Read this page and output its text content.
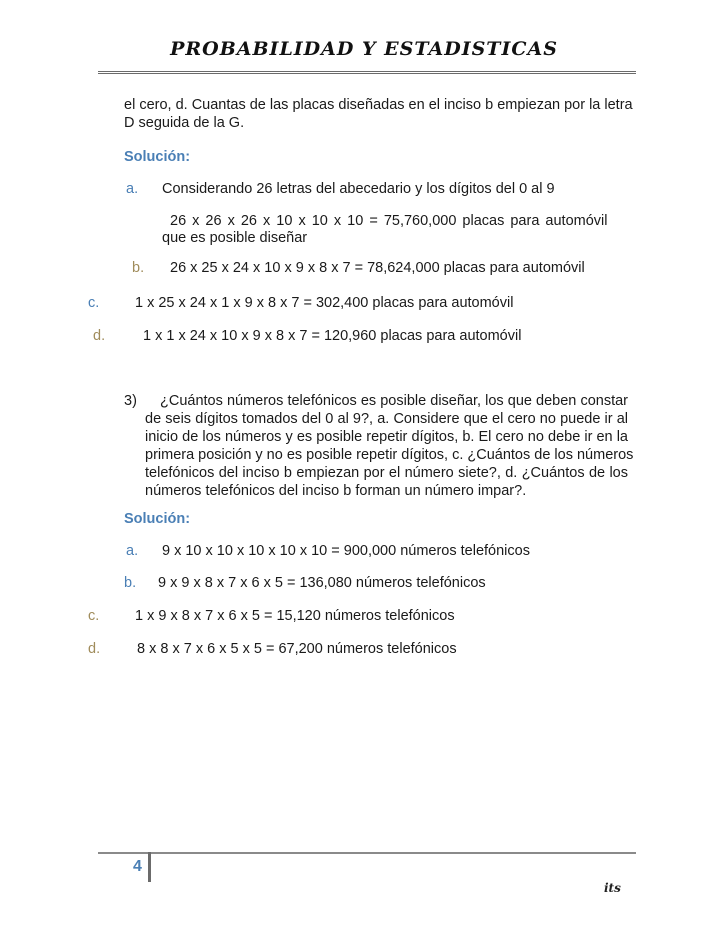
PROBABILIDAD Y ESTADISTICAS
el cero, d. Cuantas de las placas diseñadas en el inciso b empiezan por la letra
D seguida de la G.
Solución:
a. Considerando 26 letras del abecedario y los dígitos del 0 al 9
26 x 26 x 26 x 10 x 10 x 10 = 75,760,000 placas para automóvil
que es posible diseñar
b. 26 x 25 x 24 x 10 x 9 x 8 x 7 = 78,624,000 placas para automóvil
c. 1 x 25 x 24 x 1 x 9 x 8 x 7 = 302,400 placas para automóvil
d.	1 x 1 x 24 x 10 x 9 x 8 x 7 = 120,960 placas para automóvil
3) ¿Cuántos números telefónicos es posible diseñar, los que deben constar
de seis dígitos tomados del 0 al 9?, a. Considere que el cero no puede ir al
inicio de los números y es posible repetir dígitos, b. El cero no debe ir en la
primera posición y no es posible repetir dígitos, c. ¿Cuántos de los números
telefónicos del inciso b empiezan por el número siete?, d. ¿Cuántos de los
números telefónicos del inciso b forman un número impar?.
Solución:
a. 9 x 10 x 10 x 10 x 10 x 10 = 900,000 números telefónicos
b. 9 x 9 x 8 x 7 x 6 x 5 = 136,080 números telefónicos
c. 1 x 9 x 8 x 7 x 6 x 5 = 15,120 números telefónicos
d.	8 x 8 x 7 x 6 x 5 x 5 = 67,200 números telefónicos
4
its
